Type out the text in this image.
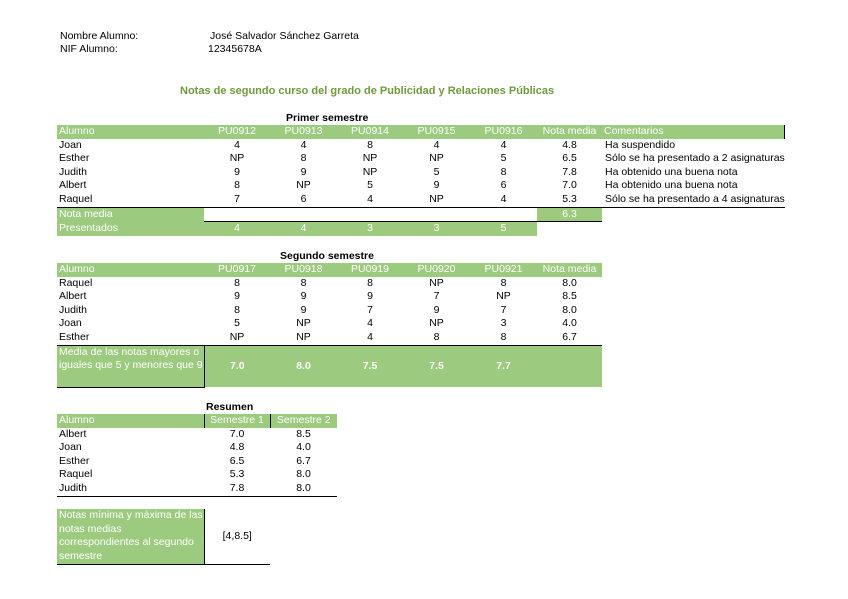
Nombre Alumno:	José Salvador Sánchez Garreta
NIF Alumno:	12345678A
Notas de segundo curso del grado de Publicidad y Relaciones Públicas
Primer semestre
Alumno	PU0912	PU0913	PU0914	PU0915	PU0916	Nota media	Comentarios
Joan	4	4	8	4	4	4.8	Ha suspendido
Esther	NP	8	NP	NP	5	6.5	Sólo se ha presentado a 2 asignaturas
Judith	9	9	NP	5	8	7.8	Ha obtenido una buena nota
Albert	8	NP	5	9	6	7.0	Ha obtenido una buena nota
Raquel	7	6	4	NP	4	5.3	Sólo se ha presentado a 4 asignaturas
Nota media						6.3	
Presentados	4	4	3	3	5		
Segundo semestre
Alumno	PU0917	PU0918	PU0919	PU0920	PU0921	Nota media
Raquel	8	8	8	NP	8	8.0
Albert	9	9	9	7	NP	8.5
Judith	8	9	7	9	7	8.0
Joan	5	NP	4	NP	3	4.0
Esther	NP	NP	4	8	8	6.7
Media de las notas mayores o iguales que 5 y menores que 9	7.0	8.0	7.5	7.5	7.7	
Resumen
Alumno	Semestre 1	Semestre 2
Albert	7.0	8.5
Joan	4.8	4.0
Esther	6.5	6.7
Raquel	5.3	8.0
Judith	7.8	8.0
Notas mínima y máxima de las notas medias correspondientes al segundo semestre	[4,8.5]
